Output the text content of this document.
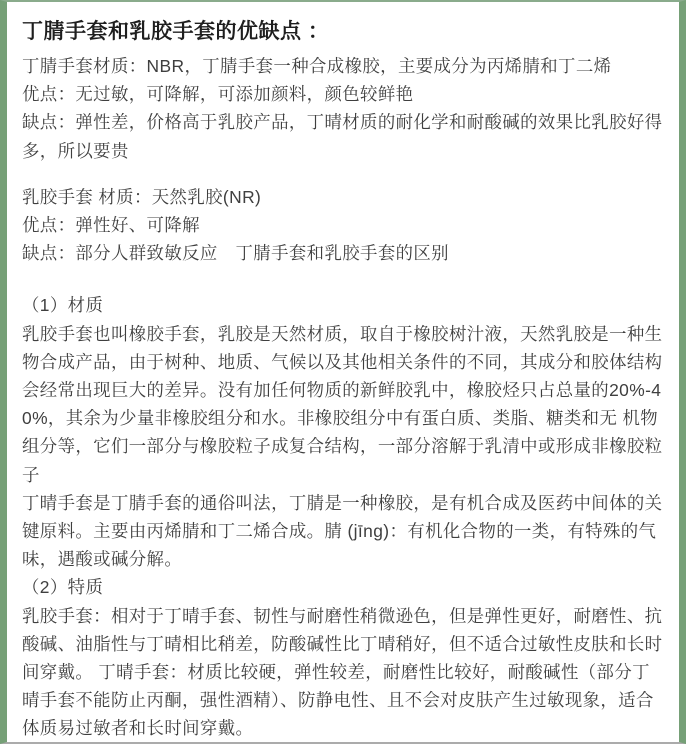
丁腈手套和乳胶手套的优缺点 ：

丁腈手套材质：NBR，丁腈手套一种合成橡胶，主要成分为丙烯腈和丁二烯

优点：无过敏，可降解，可添加颜料，颜色较鲜艳

缺点：弹性差，价格高于乳胶产品，丁晴材质的耐化学和耐酸碱的效果比乳胶好得多，所以要贵

乳胶手套 材质：天然乳胶(NR)

优点：弹性好、可降解

缺点：部分人群致敏反应　丁腈手套和乳胶手套的区别

（1）材质

乳胶手套也叫橡胶手套，乳胶是天然材质，取自于橡胶树汁液，天然乳胶是一种生物合成产品，由于树种、地质、气候以及其他相关条件的不同，其成分和胶体结构 会经常出现巨大的差异。没有加任何物质的新鲜胶乳中，橡胶烃只占总量的20%-40%，其余为少量非橡胶组分和水。非橡胶组分中有蛋白质、类脂、糖类和无 机物组分等，它们一部分与橡胶粒子成复合结构，一部分溶解于乳清中或形成非橡胶粒子

丁晴手套是丁腈手套的通俗叫法，丁腈是一种橡胶，是有机合成及医药中间体的关键原料。主要由丙烯腈和丁二烯合成。腈 (jīng)：有机化合物的一类，有特殊的气味，遇酸或碱分解。

（2）特质

乳胶手套：相对于丁晴手套、韧性与耐磨性稍微逊色，但是弹性更好，耐磨性、抗酸碱、油脂性与丁晴相比稍差，防酸碱性比丁晴稍好，但不适合过敏性皮肤和长时间穿戴。 丁晴手套：材质比较硬，弹性较差，耐磨性比较好，耐酸碱性（部分丁晴手套不能防止丙酮，强性酒精）、防静电性、且不会对皮肤产生过敏现象，适合体质易过敏者和长时间穿戴。
